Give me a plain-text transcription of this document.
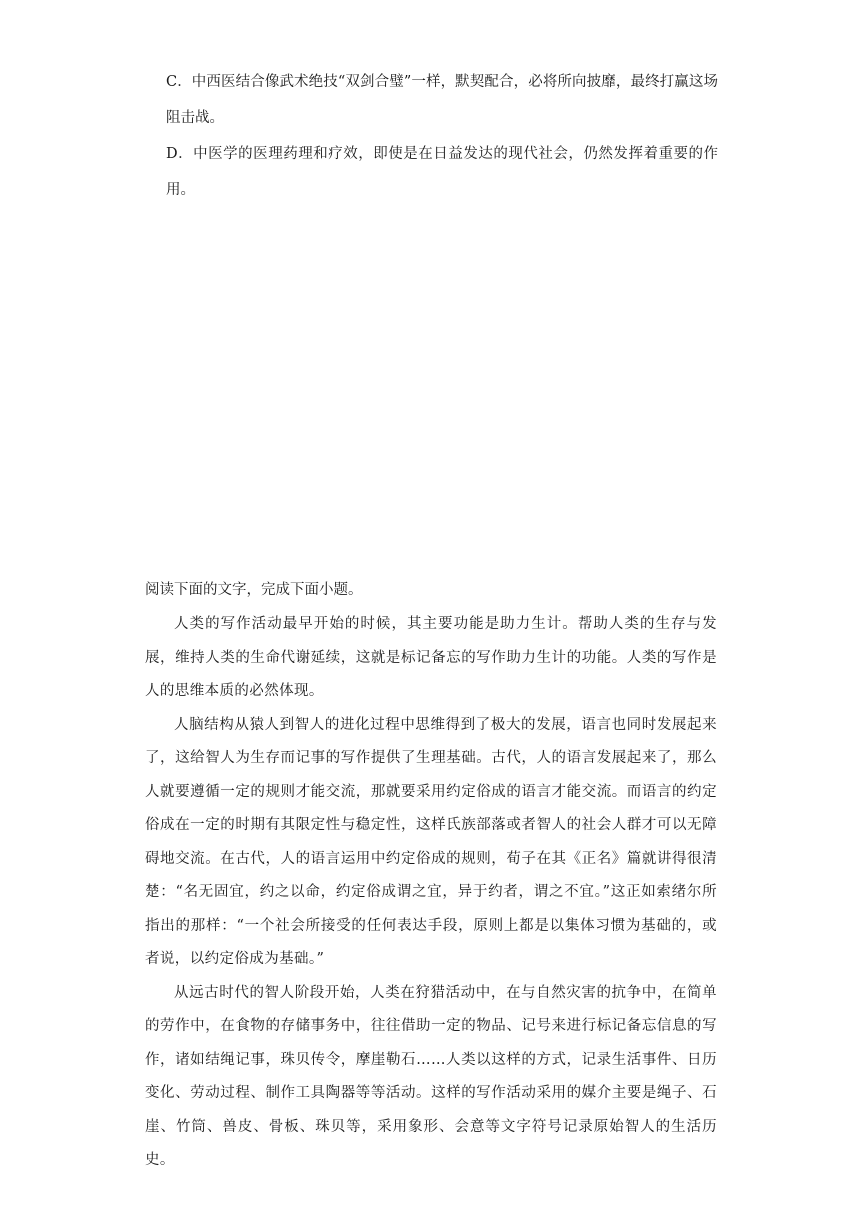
C．中西医结合像武术绝技“双剑合璧”一样，默契配合，必将所向披靡，最终打赢这场阻击战。
D．中医学的医理药理和疗效，即使是在日益发达的现代社会，仍然发挥着重要的作用。
阅读下面的文字，完成下面小题。

人类的写作活动最早开始的时候，其主要功能是助力生计。帮助人类的生存与发展，维持人类的生命代谢延续，这就是标记备忘的写作助力生计的功能。人类的写作是人的思维本质的必然体现。

人脑结构从猿人到智人的进化过程中思维得到了极大的发展，语言也同时发展起来了，这给智人为生存而记事的写作提供了生理基础。古代，人的语言发展起来了，那么人就要遵循一定的规则才能交流，那就要采用约定俗成的语言才能交流。而语言的约定俗成在一定的时期有其限定性与稳定性，这样氏族部落或者智人的社会人群才可以无障碍地交流。在古代，人的语言运用中约定俗成的规则，荀子在其《正名》篇就讲得很清楚：“名无固宜，约之以命，约定俗成谓之宜，异于约者，谓之不宜。”这正如索绪尔所指出的那样：“一个社会所接受的任何表达手段，原则上都是以集体习惯为基础的，或者说，以约定俗成为基础。”

从远古时代的智人阶段开始，人类在狩猎活动中，在与自然灾害的抗争中，在简单的劳作中，在食物的存储事务中，往往借助一定的物品、记号来进行标记备忘信息的写作，诸如结绳记事，珠贝传令，摩崖勒石……人类以这样的方式，记录生活事件、日历变化、劳动过程、制作工具陶器等等活动。这样的写作活动采用的媒介主要是绳子、石崖、竹筒、兽皮、骨板、珠贝等，采用象形、会意等文字符号记录原始智人的生活历史。
